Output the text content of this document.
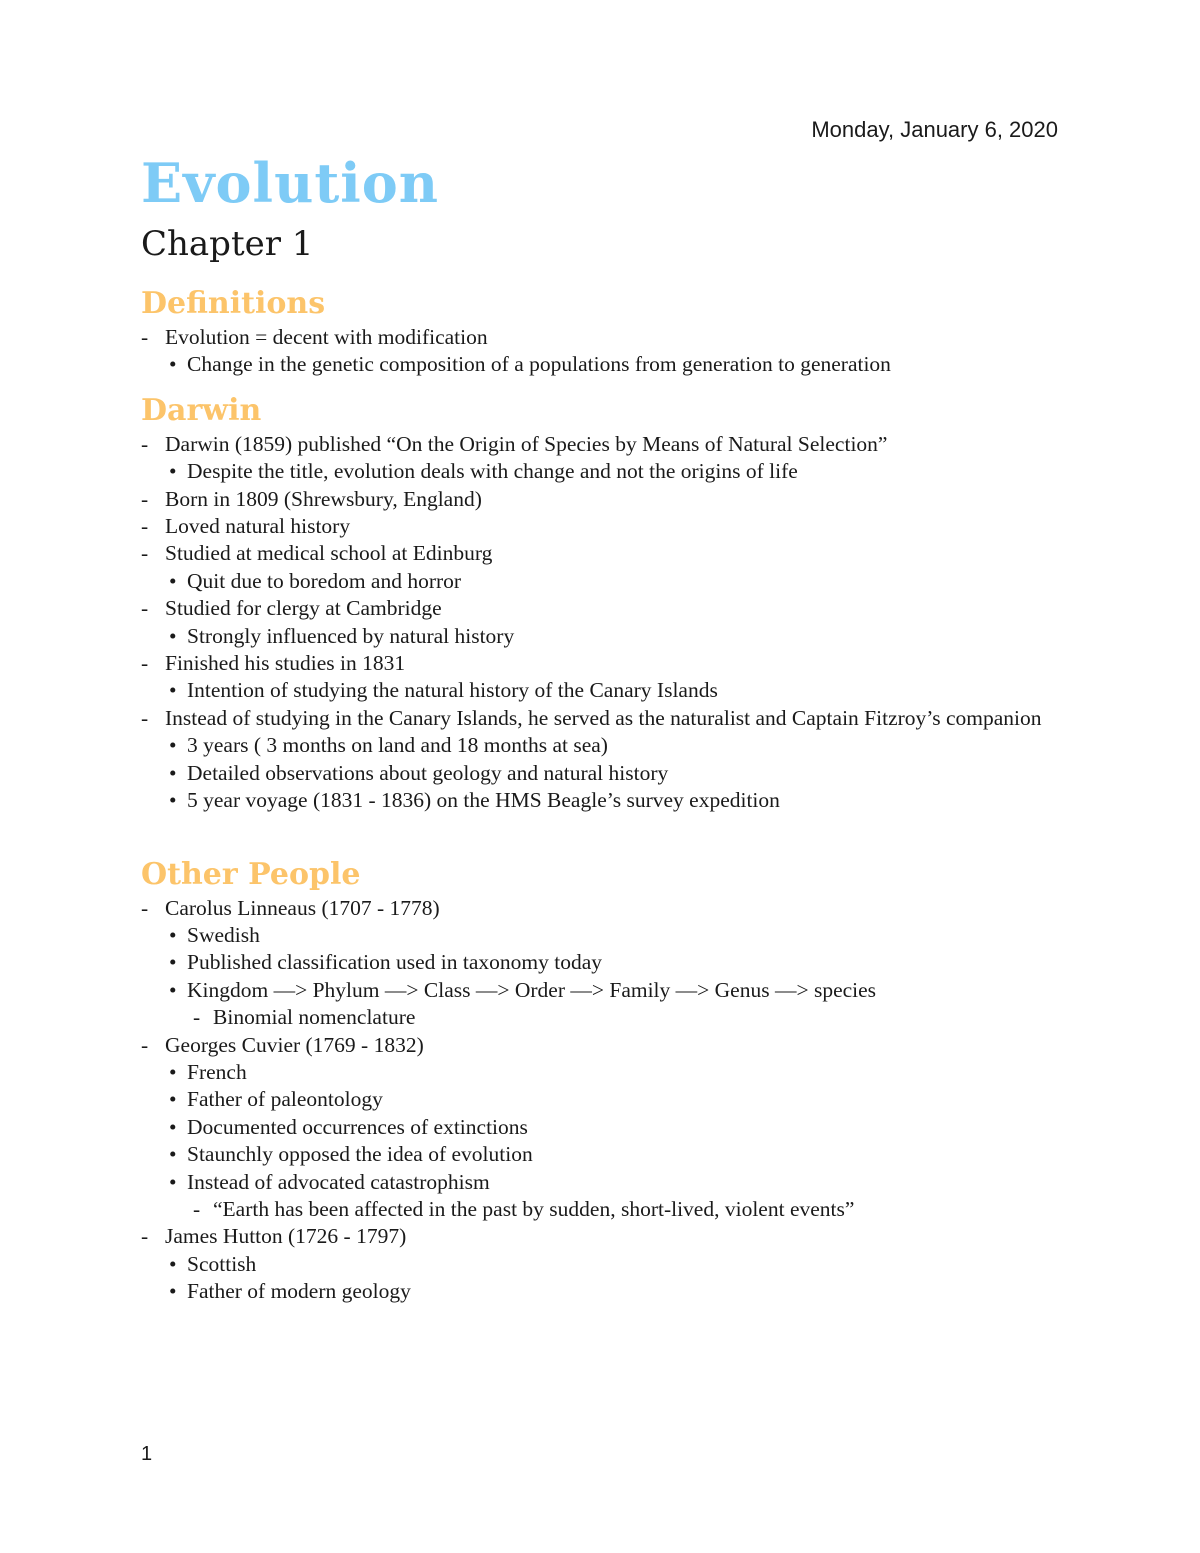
Monday, January 6, 2020
Evolution
Chapter 1
Definitions
- Evolution = decent with modification
• Change in the genetic composition of a populations from generation to generation
Darwin
- Darwin (1859) published “On the Origin of Species by Means of Natural Selection”
• Despite the title, evolution deals with change and not the origins of life
- Born in 1809 (Shrewsbury, England)
- Loved natural history
- Studied at medical school at Edinburg
• Quit due to boredom and horror
- Studied for clergy at Cambridge
• Strongly influenced by natural history
- Finished his studies in 1831
• Intention of studying the natural history of the Canary Islands
- Instead of studying in the Canary Islands, he served as the naturalist and Captain Fitzroy’s companion
• 3 years ( 3 months on land and 18 months at sea)
• Detailed observations about geology and natural history
• 5 year voyage (1831 - 1836) on the HMS Beagle’s survey expedition
Other People
- Carolus Linneaus (1707 - 1778)
• Swedish
• Published classification used in taxonomy today
• Kingdom —> Phylum —> Class —> Order —> Family —> Genus —> species
- Binomial nomenclature
- Georges Cuvier (1769 - 1832)
• French
• Father of paleontology
• Documented occurrences of extinctions
• Staunchly opposed the idea of evolution
• Instead of advocated catastrophism
- “Earth has been affected in the past by sudden, short-lived, violent events”
- James Hutton (1726 - 1797)
• Scottish
• Father of modern geology
1
